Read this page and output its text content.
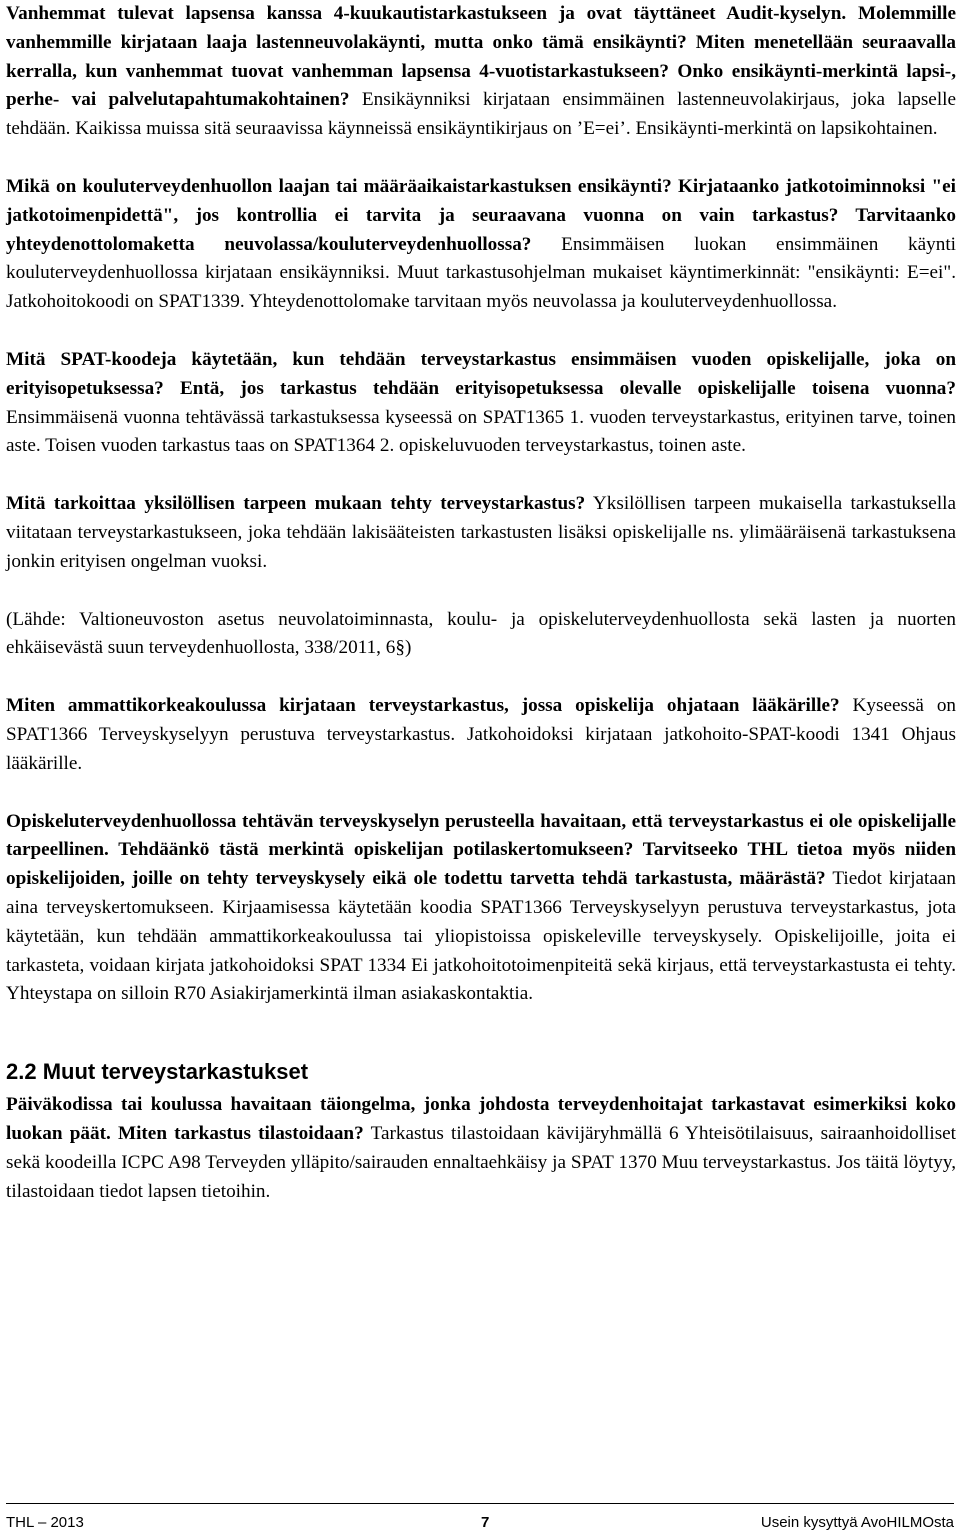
Vanhemmat tulevat lapsensa kanssa 4-kuukautistarkastukseen ja ovat täyttäneet Audit-kyselyn. Molemmille vanhemmille kirjataan laaja lastenneuvolakäynti, mutta onko tämä ensikäynti? Miten menetellään seuraavalla kerralla, kun vanhemmat tuovat vanhemman lapsensa 4-vuotistarkastukseen? Onko ensikäynti-merkintä lapsi-, perhe- vai palvelutapahtumakohtainen? Ensikäynniksi kirjataan ensimmäinen lastenneuvolakirjaus, joka lapselle tehdään. Kaikissa muissa sitä seuraavissa käynneissä ensikäyntikirjaus on ’E=ei’. Ensikäynti-merkintä on lapsikohtainen.

Mikä on kouluterveydenhuollon laajan tai määräaikaistarkastuksen ensikäynti? Kirjataanko jatkotoiminnoksi "ei jatkotoimenpidettä", jos kontrollia ei tarvita ja seuraavana vuonna on vain tarkastus? Tarvitaanko yhteydenottolomaketta neuvolassa/kouluterveydenhuollossa? Ensimmäisen luokan ensimmäinen käynti kouluterveydenhuollossa kirjataan ensikäynniksi. Muut tarkastusohjelman mukaiset käyntimerkinnät: "ensikäynti: E=ei". Jatkohoitokoodi on SPAT1339. Yhteydenottolomake tarvitaan myös neuvolassa ja kouluterveydenhuollossa.

Mitä SPAT-koodeja käytetään, kun tehdään terveystarkastus ensimmäisen vuoden opiskelijalle, joka on erityisopetuksessa? Entä, jos tarkastus tehdään erityisopetuksessa olevalle opiskelijalle toisena vuonna? Ensimmäisenä vuonna tehtävässä tarkastuksessa kyseessä on SPAT1365 1. vuoden terveystarkastus, erityinen tarve, toinen aste. Toisen vuoden tarkastus taas on SPAT1364 2. opiskeluvuoden terveystarkastus, toinen aste.

Mitä tarkoittaa yksilöllisen tarpeen mukaan tehty terveystarkastus? Yksilöllisen tarpeen mukaisella tarkastuksella viitataan terveystarkastukseen, joka tehdään lakisääteisten tarkastusten lisäksi opiskelijalle ns. ylimääräisenä tarkastuksena jonkin erityisen ongelman vuoksi.

(Lähde: Valtioneuvoston asetus neuvolatoiminnasta, koulu- ja opiskeluterveydenhuollosta sekä lasten ja nuorten ehkäisevästä suun terveydenhuollosta, 338/2011, 6§)

Miten ammattikorkeakoulussa kirjataan terveystarkastus, jossa opiskelija ohjataan lääkärille? Kyseessä on SPAT1366 Terveyskyselyyn perustuva terveystarkastus. Jatkohoidoksi kirjataan jatkohoito-SPAT-koodi 1341 Ohjaus lääkärille.

Opiskeluterveydenhuollossa tehtävän terveyskyselyn perusteella havaitaan, että terveystarkastus ei ole opiskelijalle tarpeellinen. Tehdäänkö tästä merkintä opiskelijan potilaskertomukseen? Tarvitseeko THL tietoa myös niiden opiskelijoiden, joille on tehty terveyskysely eikä ole todettu tarvetta tehdä tarkastusta, määrästä? Tiedot kirjataan aina terveyskertomukseen. Kirjaamisessa käytetään koodia SPAT1366 Terveyskyselyyn perustuva terveystarkastus, jota käytetään, kun tehdään ammattikorkeakoulussa tai yliopistoissa opiskeleville terveyskysely. Opiskelijoille, joita ei tarkasteta, voidaan kirjata jatkohoidoksi SPAT 1334 Ei jatkohoitotoimenpiteitä sekä kirjaus, että terveystarkastusta ei tehty. Yhteystapa on silloin R70 Asiakirjamerkintä ilman asiakaskontaktia.

2.2 Muut terveystarkastukset

Päiväkodissa tai koulussa havaitaan täiongelma, jonka johdosta terveydenhoitajat tarkastavat esimerkiksi koko luokan päät. Miten tarkastus tilastoidaan? Tarkastus tilastoidaan kävijäryhmällä 6 Yhteisötilaisuus, sairaanhoidolliset sekä koodeilla ICPC A98 Terveyden ylläpito/sairauden ennaltaehkäisy ja SPAT 1370 Muu terveystarkastus. Jos täitä löytyy, tilastoidaan tiedot lapsen tietoihin.

THL – 2013	7	Usein kysyttyä AvoHILMOsta
